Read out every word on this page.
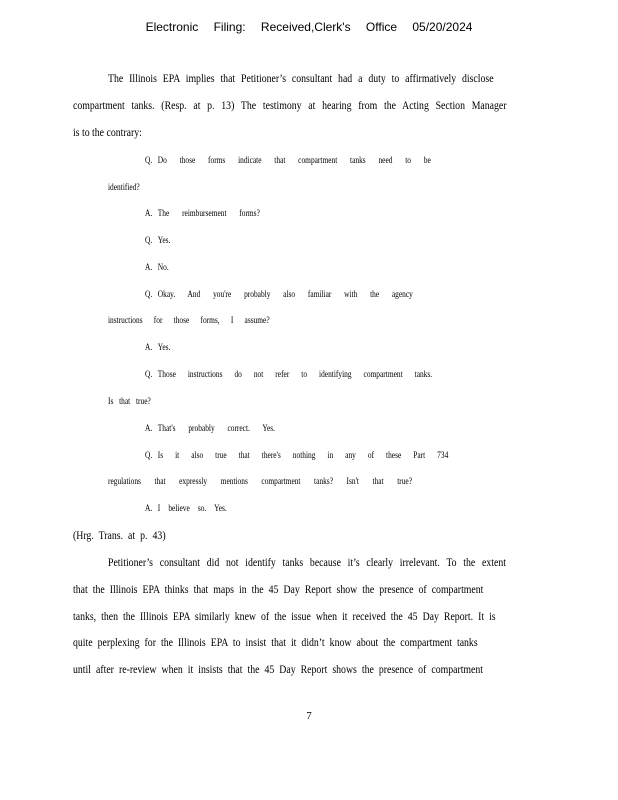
Electronic Filing: Received,Clerk's Office 05/20/2024
The Illinois EPA implies that Petitioner’s consultant had a duty to affirmatively disclose
compartment tanks. (Resp. at p. 13) The testimony at hearing from the Acting Section Manager
is to the contrary:
Q. Do those forms indicate that compartment tanks need to be
identified?
A. The reimbursement forms?
Q. Yes.
A. No.
Q. Okay. And you're probably also familiar with the agency
instructions for those forms, I assume?
A. Yes.
Q. Those instructions do not refer to identifying compartment tanks.
Is that true?
A. That's probably correct. Yes.
Q. Is it also true that there's nothing in any of these Part 734
regulations that expressly mentions compartment tanks? Isn't that true?
A. I believe so. Yes.
(Hrg. Trans. at p. 43)
Petitioner’s consultant did not identify tanks because it’s clearly irrelevant. To the extent
that the Illinois EPA thinks that maps in the 45 Day Report show the presence of compartment
tanks, then the Illinois EPA similarly knew of the issue when it received the 45 Day Report. It is
quite perplexing for the Illinois EPA to insist that it didn’t know about the compartment tanks
until after re-review when it insists that the 45 Day Report shows the presence of compartment
7
